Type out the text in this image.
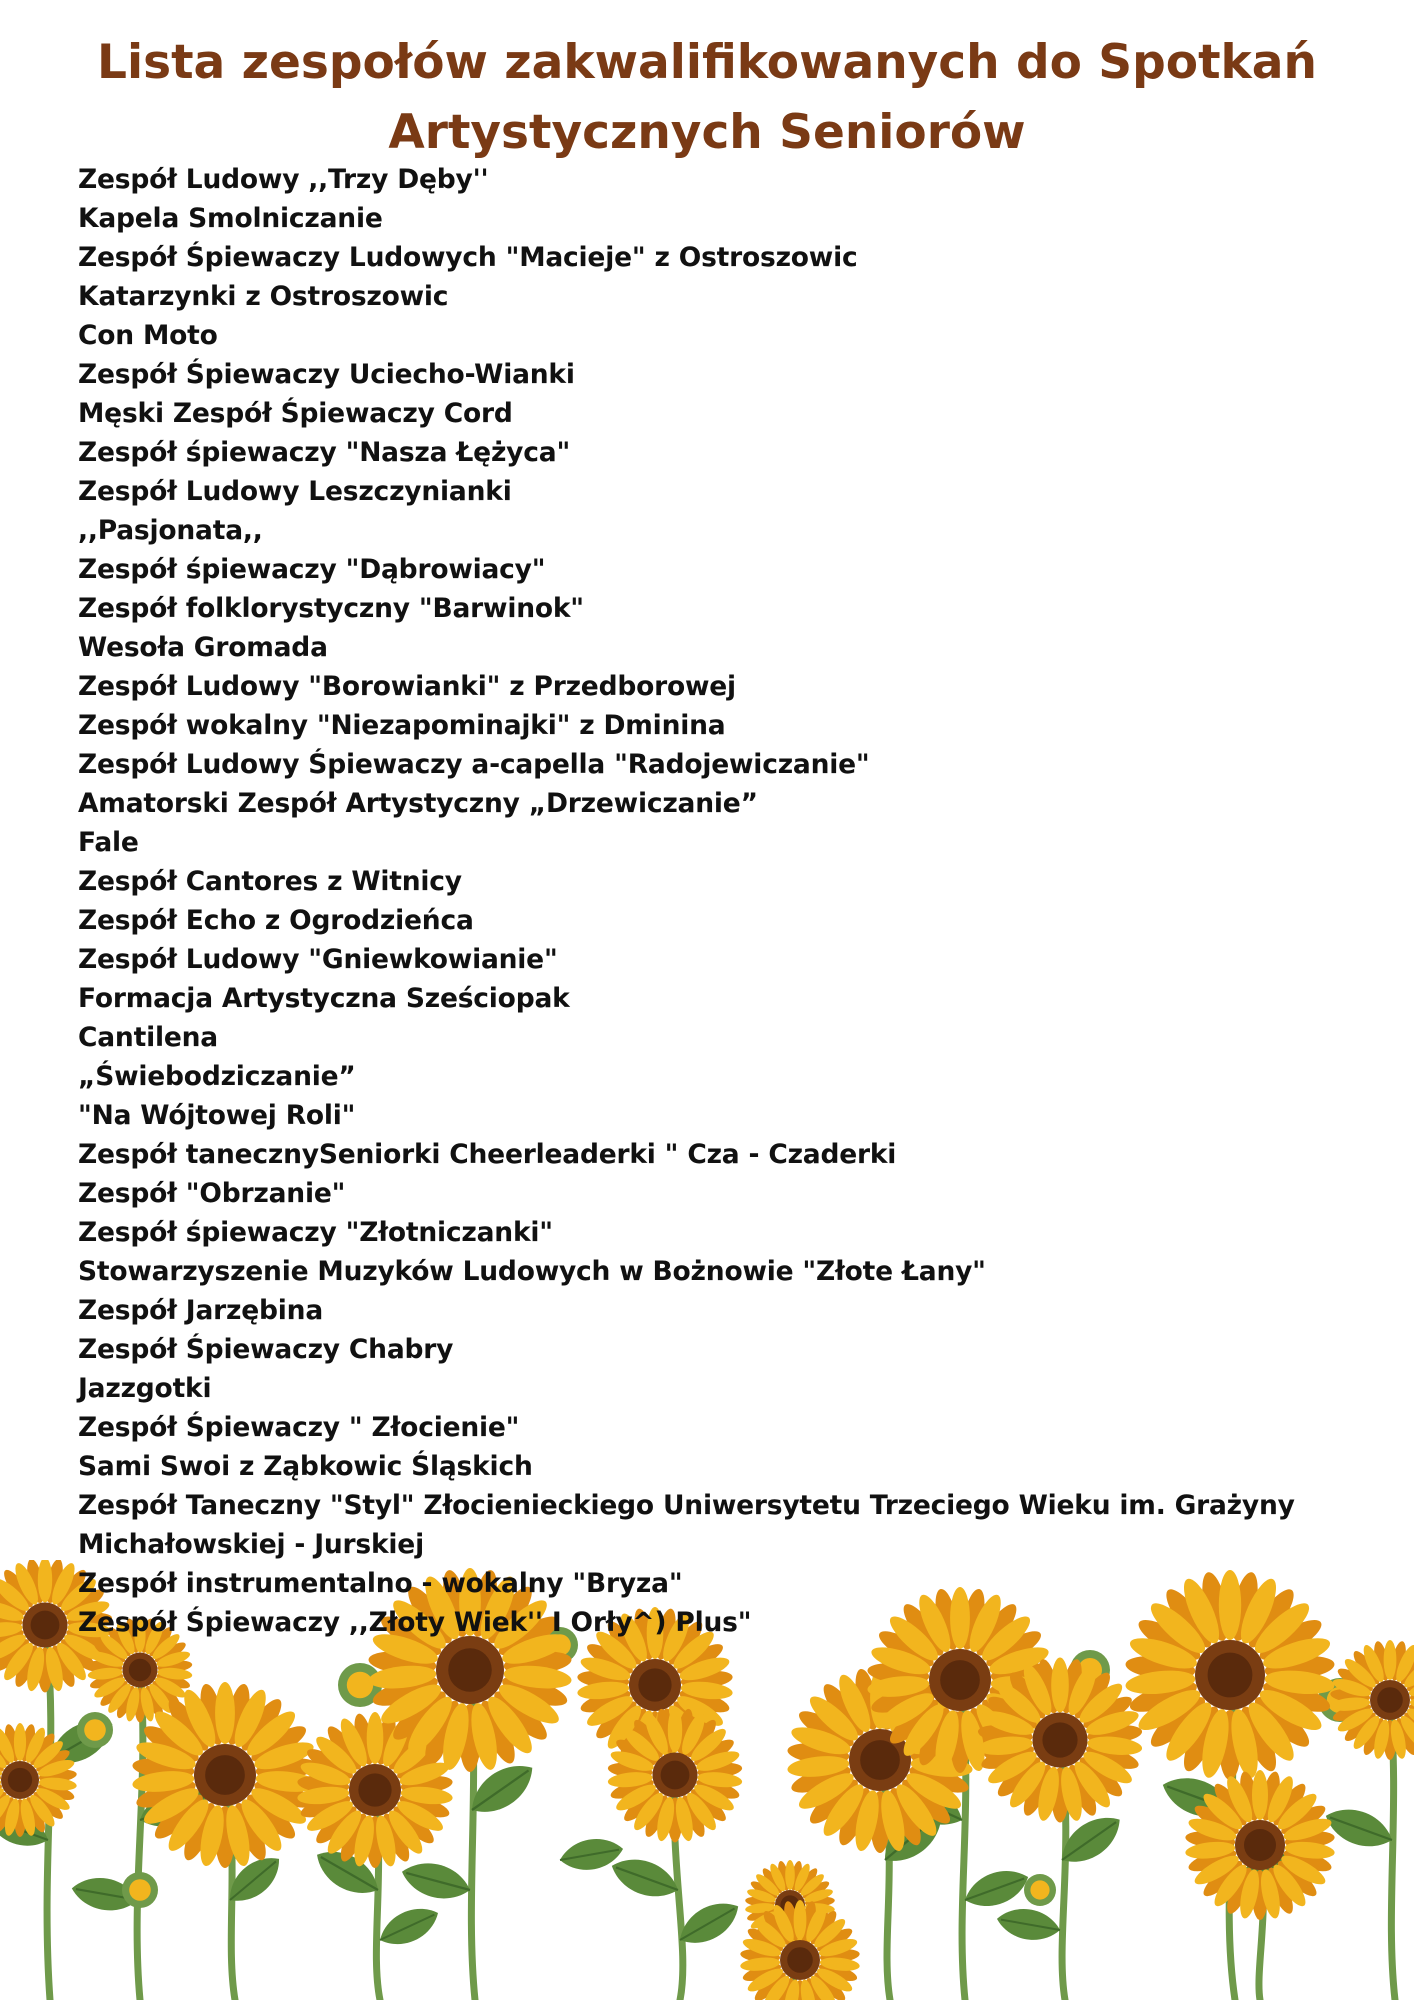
Lista zespołów zakwalifikowanych do Spotkań
Artystycznych Seniorów
Zespół Ludowy ,,Trzy Dęby''
Kapela Smolniczanie
Zespół Śpiewaczy Ludowych "Macieje" z Ostroszowic
Katarzynki z Ostroszowic
Con Moto
Zespół Śpiewaczy Uciecho-Wianki
Męski Zespół Śpiewaczy Cord
Zespół śpiewaczy "Nasza Łężyca"
Zespół Ludowy Leszczynianki
,,Pasjonata,,
Zespół śpiewaczy "Dąbrowiacy"
Zespół folklorystyczny "Barwinok"
Wesoła Gromada
Zespół Ludowy "Borowianki" z Przedborowej
Zespół wokalny "Niezapominajki" z Dminina
Zespół Ludowy Śpiewaczy a-capella "Radojewiczanie"
Amatorski Zespół Artystyczny „Drzewiczanie”
Fale
Zespół Cantores z Witnicy
Zespół Echo z Ogrodzieńca
Zespół Ludowy "Gniewkowianie"
Formacja Artystyczna Sześciopak
Cantilena
„Świebodziczanie”
"Na Wójtowej Roli"
Zespół tanecznySeniorki Cheerleaderki " Cza - Czaderki
Zespół "Obrzanie"
Zespół śpiewaczy "Złotniczanki"
Stowarzyszenie Muzyków Ludowych w Bożnowie "Złote Łany"
Zespół Jarzębina
Zespół Śpiewaczy Chabry
Jazzgotki
Zespół Śpiewaczy " Złocienie"
Sami Swoi z Ząbkowic Śląskich
Zespół Taneczny "Styl" Złocienieckiego Uniwersytetu Trzeciego Wieku im. Grażyny Michałowskiej - Jurskiej
Zespół instrumentalno - wokalny "Bryza"
Zespół Śpiewaczy ,,Złoty Wiek'' I Orły^) Plus"
